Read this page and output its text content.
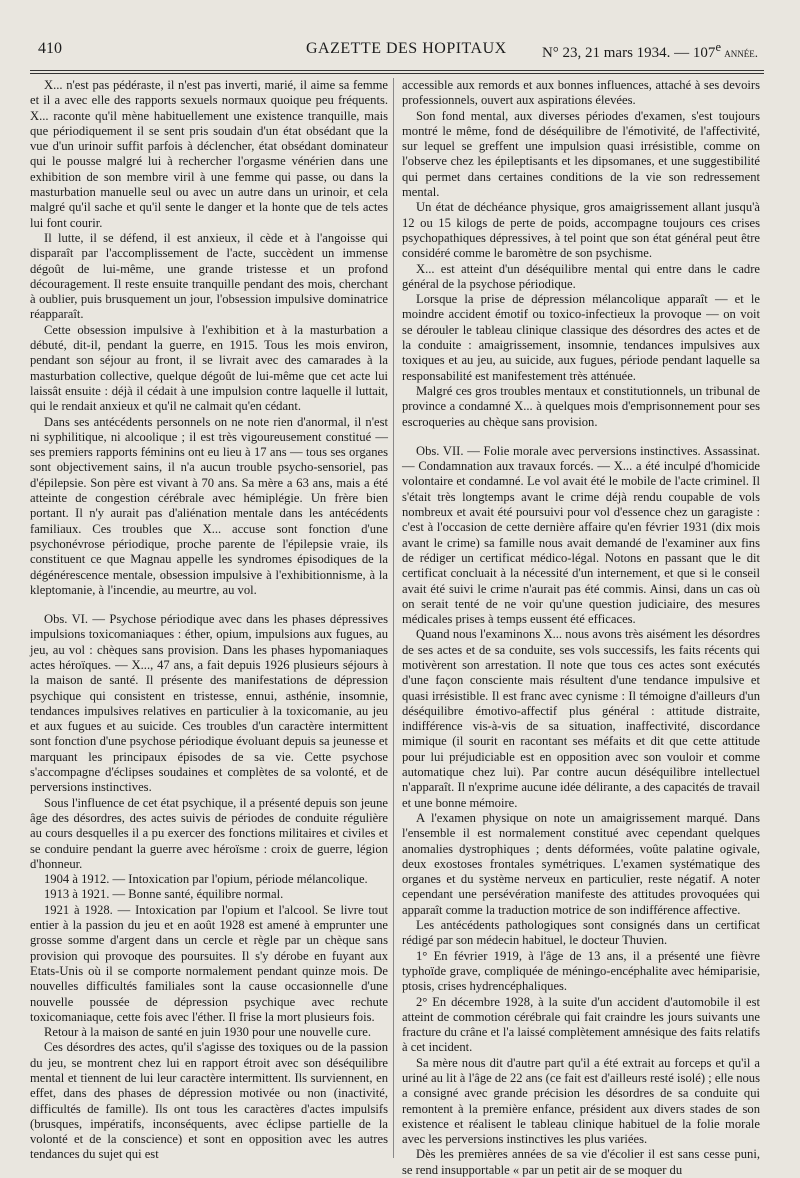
410	GAZETTE DES HOPITAUX N° 23, 21 mars 1934. — 107e année.

X... n'est pas pédéraste, il n'est pas inverti, marié, il aime sa femme et il a avec elle des rapports sexuels normaux quoique peu fréquents. X... raconte qu'il mène habituellement une existence tranquille, mais que périodiquement il se sent pris soudain d'un état obsédant que la vue d'un urinoir suffit parfois à déclencher, état obsédant dominateur qui le pousse malgré lui à rechercher l'orgasme vénérien dans une exhibition de son membre viril à une femme qui passe, ou dans la masturbation manuelle seul ou avec un autre dans un urinoir, et cela malgré qu'il sache et qu'il sente le danger et la honte que de tels actes lui font courir.

Il lutte, il se défend, il est anxieux, il cède et à l'angoisse qui disparaît par l'accomplissement de l'acte, succèdent un immense dégoût de lui-même, une grande tristesse et un profond découragement. Il reste ensuite tranquille pendant des mois, cherchant à oublier, puis brusquement un jour, l'obsession impulsive dominatrice réapparaît.

Cette obsession impulsive à l'exhibition et à la masturbation a débuté, dit-il, pendant la guerre, en 1915. Tous les mois environ, pendant son séjour au front, il se livrait avec des camarades à la masturbation collective, quelque dégoût de lui-même que cet acte lui laissât ensuite : déjà il cédait à une impulsion contre laquelle il luttait, qui le rendait anxieux et qu'il ne calmait qu'en cédant.

Dans ses antécédents personnels on ne note rien d'anormal, il n'est ni syphilitique, ni alcoolique ; il est très vigoureusement constitué — ses premiers rapports féminins ont eu lieu à 17 ans — tous ses organes sont objectivement sains, il n'a aucun trouble psycho-sensoriel, pas d'épilepsie. Son père est vivant à 70 ans. Sa mère a 63 ans, mais a été atteinte de congestion cérébrale avec hémiplégie. Un frère bien portant. Il n'y aurait pas d'aliénation mentale dans les antécédents familiaux. Ces troubles que X... accuse sont fonction d'une psychonévrose périodique, proche parente de l'épilepsie vraie, ils constituent ce que Magnau appelle les syndromes épisodiques de la dégénérescence mentale, obsession impulsive à l'exhibitionnisme, à la kleptomanie, à l'incendie, au meurtre, au vol.

Obs. VI. — Psychose périodique avec dans les phases dépressives impulsions toxicomaniaques : éther, opium, impulsions aux fugues, au jeu, au vol : chèques sans provision. Dans les phases hypomaniaques actes héroïques. — X..., 47 ans, a fait depuis 1926 plusieurs séjours à la maison de santé. Il présente des manifestations de dépression psychique qui consistent en tristesse, ennui, asthénie, insomnie, tendances impulsives relatives en particulier à la toxicomanie, au jeu et aux fugues et au suicide. Ces troubles d'un caractère intermittent sont fonction d'une psychose périodique évoluant depuis sa jeunesse et marquant les principaux épisodes de sa vie. Cette psychose s'accompagne d'éclipses soudaines et complètes de sa volonté, et de perversions instinctives.

Sous l'influence de cet état psychique, il a présenté depuis son jeune âge des désordres, des actes suivis de périodes de conduite régulière au cours desquelles il a pu exercer des fonctions militaires et civiles et se conduire pendant la guerre avec héroïsme : croix de guerre, légion d'honneur.

1904 à 1912. — Intoxication par l'opium, période mélancolique.

1913 à 1921. — Bonne santé, équilibre normal.

1921 à 1928. — Intoxication par l'opium et l'alcool. Se livre tout entier à la passion du jeu et en août 1928 est amené à emprunter une grosse somme d'argent dans un cercle et règle par un chèque sans provision qui provoque des poursuites. Il s'y dérobe en fuyant aux Etats-Unis où il se comporte normalement pendant quinze mois. De nouvelles difficultés familiales sont la cause occasionnelle d'une nouvelle poussée de dépression psychique avec rechute toxicomaniaque, cette fois avec l'éther. Il frise la mort plusieurs fois.

Retour à la maison de santé en juin 1930 pour une nouvelle cure.

Ces désordres des actes, qu'il s'agisse des toxiques ou de la passion du jeu, se montrent chez lui en rapport étroit avec son déséquilibre mental et tiennent de lui leur caractère intermittent. Ils surviennent, en effet, dans des phases de dépression motivée ou non (inactivité, difficultés de famille). Ils ont tous les caractères d'actes impulsifs (brusques, impératifs, inconséquents, avec éclipse partielle de la volonté et de la conscience) et sont en opposition avec les autres tendances du sujet qui est

accessible aux remords et aux bonnes influences, attaché à ses devoirs professionnels, ouvert aux aspirations élevées.

Son fond mental, aux diverses périodes d'examen, s'est toujours montré le même, fond de déséquilibre de l'émotivité, de l'affectivité, sur lequel se greffent une impulsion quasi irrésistible, comme on l'observe chez les épileptisants et les dipsomanes, et une suggestibilité qui permet dans certaines conditions de la vie son redressement mental.

Un état de déchéance physique, gros amaigrissement allant jusqu'à 12 ou 15 kilogs de perte de poids, accompagne toujours ces crises psychopathiques dépressives, à tel point que son état général peut être considéré comme le baromètre de son psychisme.

X... est atteint d'un déséquilibre mental qui entre dans le cadre général de la psychose périodique.

Lorsque la prise de dépression mélancolique apparaît — et le moindre accident émotif ou toxico-infectieux la provoque — on voit se dérouler le tableau clinique classique des désordres des actes et de la conduite : amaigrissement, insomnie, tendances impulsives aux toxiques et au jeu, au suicide, aux fugues, période pendant laquelle sa responsabilité est manifestement très atténuée.

Malgré ces gros troubles mentaux et constitutionnels, un tribunal de province a condamné X... à quelques mois d'emprisonnement pour ses escroqueries au chèque sans provision.

Obs. VII. — Folie morale avec perversions instinctives. Assassinat. — Condamnation aux travaux forcés. — X... a été inculpé d'homicide volontaire et condamné. Le vol avait été le mobile de l'acte criminel. Il s'était très longtemps avant le crime déjà rendu coupable de vols nombreux et avait été poursuivi pour vol d'essence chez un garagiste : c'est à l'occasion de cette dernière affaire qu'en février 1931 (dix mois avant le crime) sa famille nous avait demandé de l'examiner aux fins de rédiger un certificat médico-légal. Notons en passant que le dit certificat concluait à la nécessité d'un internement, et que si le conseil avait été suivi le crime n'aurait pas été commis. Ainsi, dans un cas où on serait tenté de ne voir qu'une question judiciaire, des mesures médicales prises à temps eussent été efficaces.

Quand nous l'examinons X... nous avons très aisément les désordres de ses actes et de sa conduite, ses vols successifs, les faits récents qui motivèrent son arrestation. Il note que tous ces actes sont exécutés d'une façon consciente mais résultent d'une tendance impulsive et quasi irrésistible. Il est franc avec cynisme : Il témoigne d'ailleurs d'un déséquilibre émotivo-affectif plus général : attitude distraite, indifférence vis-à-vis de sa situation, inaffectivité, discordance mimique (il sourit en racontant ses méfaits et dit que cette attitude pour lui préjudiciable est en opposition avec son vouloir et comme automatique chez lui). Par contre aucun déséquilibre intellectuel n'apparaît. Il n'exprime aucune idée délirante, a des capacités de travail et une bonne mémoire.

A l'examen physique on note un amaigrissement marqué. Dans l'ensemble il est normalement constitué avec cependant quelques anomalies dystrophiques ; dents déformées, voûte palatine ogivale, deux exostoses frontales symétriques. L'examen systématique des organes et du système nerveux en particulier, reste négatif. A noter cependant une persévération manifeste des attitudes provoquées qui apparaît comme la traduction motrice de son indifférence affective.

Les antécédents pathologiques sont consignés dans un certificat rédigé par son médecin habituel, le docteur Thuvien.

1° En février 1919, à l'âge de 13 ans, il a présenté une fièvre typhoïde grave, compliquée de méningo-encéphalite avec hémiparisie, ptosis, crises hydrencéphaliques.

2° En décembre 1928, à la suite d'un accident d'automobile il est atteint de commotion cérébrale qui fait craindre les jours suivants une fracture du crâne et l'a laissé complètement amnésique des faits relatifs à cet incident.

Sa mère nous dit d'autre part qu'il a été extrait au forceps et qu'il a uriné au lit à l'âge de 22 ans (ce fait est d'ailleurs resté isolé) ; elle nous a consigné avec grande précision les désordres de sa conduite qui remontent à la première enfance, président aux divers stades de son existence et réalisent le tableau clinique habituel de la folie morale avec les perversions instinctives les plus variées.

Dès les premières années de sa vie d'écolier il est sans cesse puni, se rend insupportable « par un petit air de se moquer du
